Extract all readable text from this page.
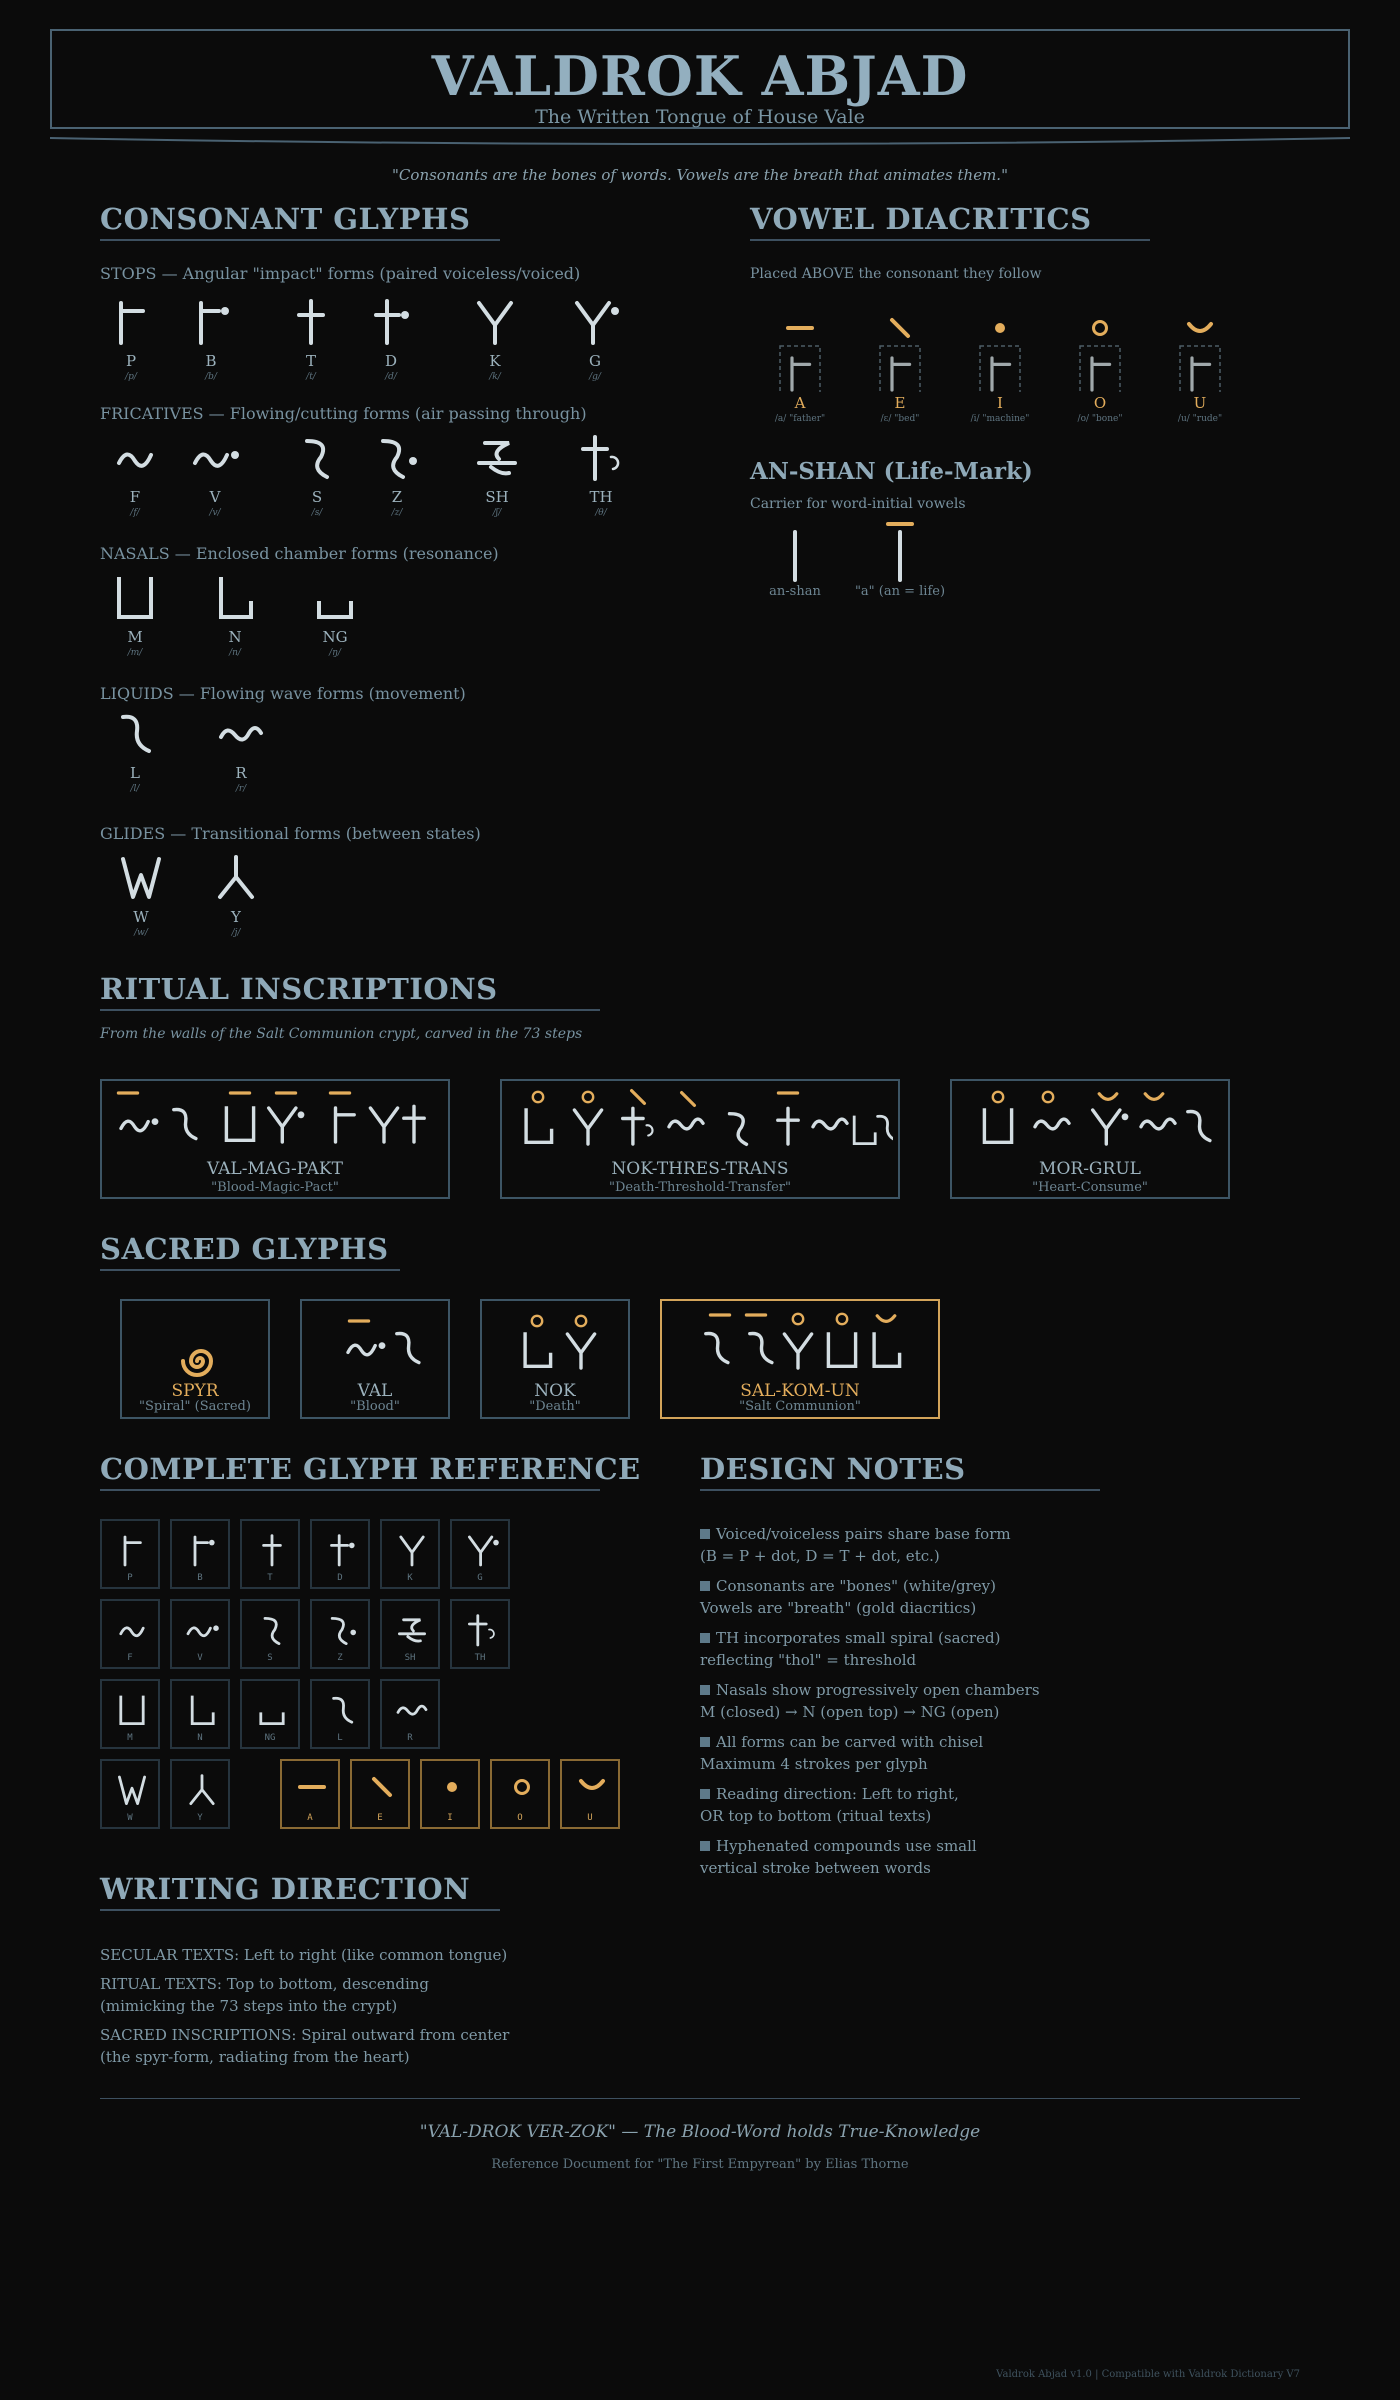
VALDROK ABJAD
The Written Tongue of House Vale
"Consonants are the bones of words. Vowels are the breath that animates them."
CONSONANT GLYPHS
STOPS — Angular "impact" forms (paired voiceless/voiced)
P
/p/
B
/b/
T
/t/
D
/d/
K
/k/
G
/g/
FRICATIVES — Flowing/cutting forms (air passing through)
F
/f/
V
/v/
S
/s/
Z
/z/
SH
/ʃ/
TH
/θ/
NASALS — Enclosed chamber forms (resonance)
M
/m/
N
/n/
NG
/ŋ/
LIQUIDS — Flowing wave forms (movement)
L
/l/
R
/r/
GLIDES — Transitional forms (between states)
W
/w/
Y
/j/
VOWEL DIACRITICS
Placed ABOVE the consonant they follow
A
/a/ "father"
E
/ɛ/ "bed"
I
/i/ "machine"
O
/o/ "bone"
U
/u/ "rude"
AN-SHAN (Life-Mark)
Carrier for word-initial vowels
an-shan	"a" (an = life)
RITUAL INSCRIPTIONS
From the walls of the Salt Communion crypt, carved in the 73 steps
VAL-MAG-PAKT
"Blood-Magic-Pact"
NOK-THRES-TRANS
"Death-Threshold-Transfer"
MOR-GRUL
"Heart-Consume"
SACRED GLYPHS
SPYR
"Spiral" (Sacred)
VAL
"Blood"
NOK
"Death"
SAL-KOM-UN
"Salt Communion"
COMPLETE GLYPH REFERENCE
P	B	T	D	K	G
F	V	S	Z	SH	TH
M	N	NG	L	R
W	Y	A	E	I	O	U
DESIGN NOTES
Voiced/voiceless pairs share base form
(B = P + dot, D = T + dot, etc.)
Consonants are "bones" (white/grey)
Vowels are "breath" (gold diacritics)
TH incorporates small spiral (sacred)
reflecting "thol" = threshold
Nasals show progressively open chambers
M (closed) → N (open top) → NG (open)
All forms can be carved with chisel
Maximum 4 strokes per glyph
Reading direction: Left to right,
OR top to bottom (ritual texts)
Hyphenated compounds use small
vertical stroke between words
WRITING DIRECTION
SECULAR TEXTS: Left to right (like common tongue)
RITUAL TEXTS: Top to bottom, descending
(mimicking the 73 steps into the crypt)
SACRED INSCRIPTIONS: Spiral outward from center
(the spyr-form, radiating from the heart)
"VAL-DROK VER-ZOK" — The Blood-Word holds True-Knowledge
Reference Document for "The First Empyrean" by Elias Thorne
Valdrok Abjad v1.0 | Compatible with Valdrok Dictionary V7
